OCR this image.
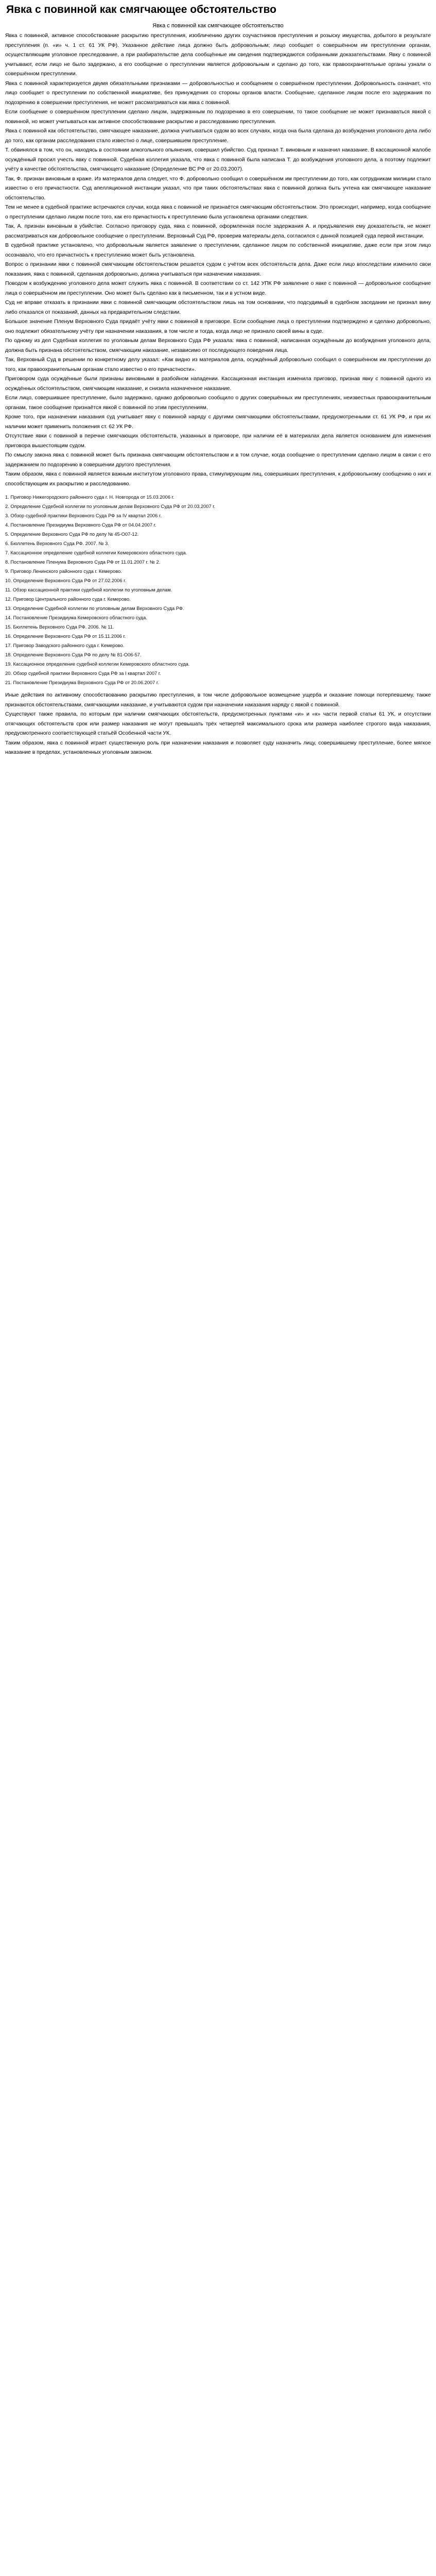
Явка с повинной как смягчающее обстоятельство
Явка с повинной как смягчающее обстоятельство

Явка с повинной, активное способствование раскрытию преступления, изобличению других соучастников преступления и розыску имущества, добытого в результате преступления (п. «и» ч. 1 ст. 61 УК РФ). Указанное действие лица должно быть добровольным; лицо сообщает о совершённом им преступлении органам, осуществляющим уголовное преследование, а при разбирательстве дела сообщённые им сведения подтверждаются собранными доказательствами. Явку с повинной учитывают, если лицо не было задержано, а его сообщение о преступлении является добровольным и сделано до того, как правоохранительные органы узнали о совершённом преступлении.

Явка с повинной характеризуется двумя обязательными признаками — добровольностью и сообщением о совершённом преступлении. Добровольность означает, что лицо сообщает о преступлении по собственной инициативе, без принуждения со стороны органов власти. Сообщение, сделанное лицом после его задержания по подозрению в совершении преступления, не может рассматриваться как явка с повинной.

Если сообщение о совершённом преступлении сделано лицом, задержанным по подозрению в его совершении, то такое сообщение не может признаваться явкой с повинной, но может учитываться как активное способствование раскрытию и расследованию преступления.

Явка с повинной как обстоятельство, смягчающее наказание, должна учитываться судом во всех случаях, когда она была сделана до возбуждения уголовного дела либо до того, как органам расследования стало известно о лице, совершившем преступление.

Т. обвинялся в том, что он, находясь в состоянии алкогольного опьянения, совершил убийство. Суд признал Т. виновным и назначил наказание. В кассационной жалобе осуждённый просил учесть явку с повинной. Судебная коллегия указала, что явка с повинной была написана Т. до возбуждения уголовного дела, а поэтому подлежит учёту в качестве обстоятельства, смягчающего наказание (Определение ВС РФ от 20.03.2007).

Так, Ф. признан виновным в краже. Из материалов дела следует, что Ф. добровольно сообщил о совершённом им преступлении до того, как сотрудникам милиции стало известно о его причастности. Суд апелляционной инстанции указал, что при таких обстоятельствах явка с повинной должна быть учтена как смягчающее наказание обстоятельство.

Тем не менее в судебной практике встречаются случаи, когда явка с повинной не признаётся смягчающим обстоятельством. Это происходит, например, когда сообщение о преступлении сделано лицом после того, как его причастность к преступлению была установлена органами следствия.

Так, А. признан виновным в убийстве. Согласно приговору суда, явка с повинной, оформленная после задержания А. и предъявления ему доказательств, не может рассматриваться как добровольное сообщение о преступлении. Верховный Суд РФ, проверив материалы дела, согласился с данной позицией суда первой инстанции.

В судебной практике установлено, что добровольным является заявление о преступлении, сделанное лицом по собственной инициативе, даже если при этом лицо осознавало, что его причастность к преступлению может быть установлена.

Вопрос о признании явки с повинной смягчающим обстоятельством решается судом с учётом всех обстоятельств дела. Даже если лицо впоследствии изменило свои показания, явка с повинной, сделанная добровольно, должна учитываться при назначении наказания.

Поводом к возбуждению уголовного дела может служить явка с повинной. В соответствии со ст. 142 УПК РФ заявление о явке с повинной — добровольное сообщение лица о совершённом им преступлении. Оно может быть сделано как в письменном, так и в устном виде.

Суд не вправе отказать в признании явки с повинной смягчающим обстоятельством лишь на том основании, что подсудимый в судебном заседании не признал вину либо отказался от показаний, данных на предварительном следствии.

Большое значение Пленум Верховного Суда придаёт учёту явки с повинной в приговоре. Если сообщение лица о преступлении подтверждено и сделано добровольно, оно подлежит обязательному учёту при назначении наказания, в том числе и тогда, когда лицо не признало своей вины в суде.

По одному из дел Судебная коллегия по уголовным делам Верховного Суда РФ указала: явка с повинной, написанная осуждённым до возбуждения уголовного дела, должна быть признана обстоятельством, смягчающим наказание, независимо от последующего поведения лица.

Так, Верховный Суд в решении по конкретному делу указал: «Как видно из материалов дела, осуждённый добровольно сообщил о совершённом им преступлении до того, как правоохранительным органам стало известно о его причастности».

Приговором суда осуждённые были признаны виновными в разбойном нападении. Кассационная инстанция изменила приговор, признав явку с повинной одного из осуждённых обстоятельством, смягчающим наказание, и снизила назначенное наказание.

Если лицо, совершившее преступление, было задержано, однако добровольно сообщило о других совершённых им преступлениях, неизвестных правоохранительным органам, такое сообщение признаётся явкой с повинной по этим преступлениям.

Кроме того, при назначении наказания суд учитывает явку с повинной наряду с другими смягчающими обстоятельствами, предусмотренными ст. 61 УК РФ, и при их наличии может применить положения ст. 62 УК РФ.

Отсутствие явки с повинной в перечне смягчающих обстоятельств, указанных в приговоре, при наличии её в материалах дела является основанием для изменения приговора вышестоящим судом.

По смыслу закона явка с повинной может быть признана смягчающим обстоятельством и в том случае, когда сообщение о преступлении сделано лицом в связи с его задержанием по подозрению в совершении другого преступления.

Таким образом, явка с повинной является важным институтом уголовного права, стимулирующим лиц, совершивших преступления, к добровольному сообщению о них и способствующим их раскрытию и расследованию.

1. Приговор Нижегородского районного суда г. Н. Новгорода от 15.03.2006 г.

2. Определение Судебной коллегии по уголовным делам Верховного Суда РФ от 20.03.2007 г.

3. Обзор судебной практики Верховного Суда РФ за IV квартал 2006 г.

4. Постановление Президиума Верховного Суда РФ от 04.04.2007 г.

5. Определение Верховного Суда РФ по делу № 45-О07-12.

6. Бюллетень Верховного Суда РФ. 2007. № 3.

7. Кассационное определение судебной коллегии Кемеровского областного суда.

8. Постановление Пленума Верховного Суда РФ от 11.01.2007 г. № 2.

9. Приговор Ленинского районного суда г. Кемерово.

10. Определение Верховного Суда РФ от 27.02.2006 г.

11. Обзор кассационной практики судебной коллегии по уголовным делам.

12. Приговор Центрального районного суда г. Кемерово.

13. Определение Судебной коллегии по уголовным делам Верховного Суда РФ.

14. Постановление Президиума Кемеровского областного суда.

15. Бюллетень Верховного Суда РФ. 2006. № 11.

16. Определение Верховного Суда РФ от 15.11.2006 г.

17. Приговор Заводского районного суда г. Кемерово.

18. Определение Верховного Суда РФ по делу № 81-О06-57.

19. Кассационное определение судебной коллегии Кемеровского областного суда.

20. Обзор судебной практики Верховного Суда РФ за I квартал 2007 г.

21. Постановление Президиума Верховного Суда РФ от 20.06.2007 г.

Иные действия по активному способствованию раскрытию преступления, в том числе добровольное возмещение ущерба и оказание помощи потерпевшему, также признаются обстоятельствами, смягчающими наказание, и учитываются судом при назначении наказания наряду с явкой с повинной.

Существуют также правила, по которым при наличии смягчающих обстоятельств, предусмотренных пунктами «и» и «к» части первой статьи 61 УК, и отсутствии отягчающих обстоятельств срок или размер наказания не могут превышать трёх четвертей максимального срока или размера наиболее строгого вида наказания, предусмотренного соответствующей статьёй Особенной части УК.

Таким образом, явка с повинной играет существенную роль при назначении наказания и позволяет суду назначить лицу, совершившему преступление, более мягкое наказание в пределах, установленных уголовным законом.
